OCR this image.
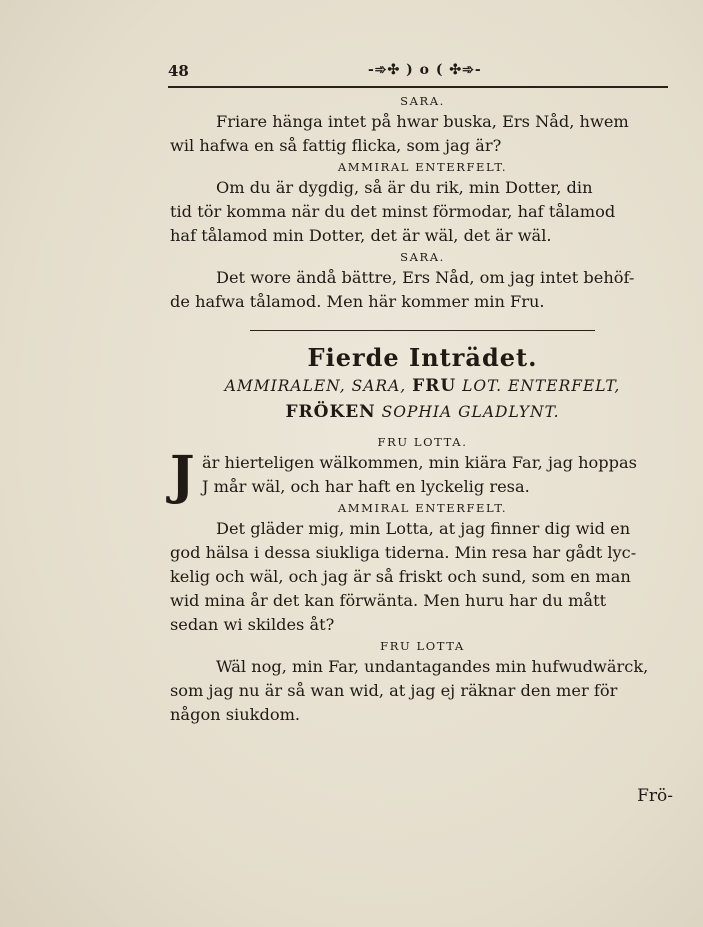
48	-➾✣ ) o ( ✣➾-

SARA.

Friare hänga intet på hwar buska, Ers Nåd, hwem
wil hafwa en så fattig flicka, som jag är?

AMMIRAL ENTERFELT.

Om du är dygdig, så är du rik, min Dotter, din
tid tör komma när du det minst förmodar, haf tålamod
haf tålamod min Dotter, det är wäl, det är wäl.

SARA.

Det wore ändå bättre, Ers Nåd, om jag intet behöf-
de hafwa tålamod. Men här kommer min Fru.

Fierde Inträdet.

AMMIRALEN, SARA, FRU LOT. ENTERFELT,

FRÖKEN SOPHIA GLADLYNT.

FRU LOTTA.

J är hierteligen wälkommen, min kiära Far, jag hoppas
J mår wäl, och har haft en lyckelig resa.

AMMIRAL ENTERFELT.

Det gläder mig, min Lotta, at jag finner dig wid en
god hälsa i dessa siukliga tiderna. Min resa har gådt lyc-
kelig och wäl, och jag är så friskt och sund, som en man
wid mina år det kan förwänta. Men huru har du mått
sedan wi skildes åt?

FRU LOTTA

Wäl nog, min Far, undantagandes min hufwudwärck,
som jag nu är så wan wid, at jag ej räknar den mer för
någon siukdom.

Frö-
